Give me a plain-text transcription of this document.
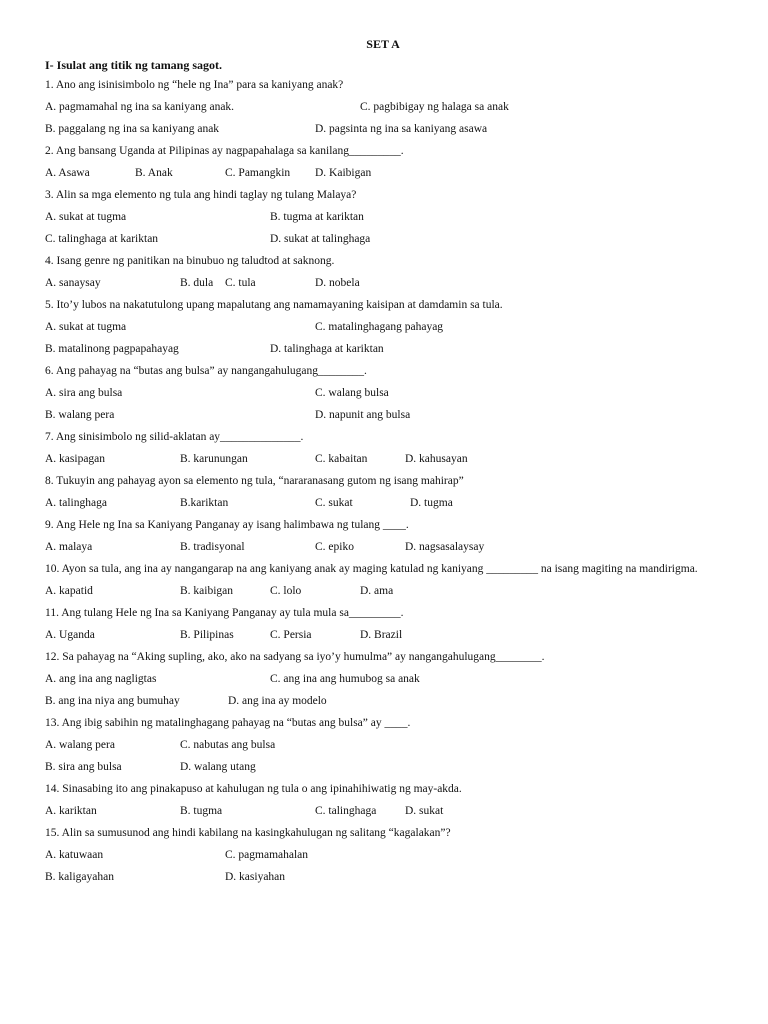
SET A
I- Isulat ang titik ng tamang sagot.
1. Ano ang isinisimbolo ng “hele ng Ina” para sa kaniyang anak?
A. pagmamahal ng ina sa kaniyang anak.	C. pagbibigay ng halaga sa anak
B. paggalang ng ina sa kaniyang anak	D. pagsinta ng ina sa kaniyang asawa
2. Ang bansang Uganda at Pilipinas ay nagpapahalaga sa kanilang_________.
A. Asawa	B. Anak	C. Pamangkin D. Kaibigan
3. Alin sa mga elemento ng tula ang hindi taglay ng tulang Malaya?
A. sukat at tugma	B. tugma at kariktan
C. talinghaga at kariktan	D. sukat at talinghaga
4. Isang genre ng panitikan na binubuo ng taludtod at saknong.
A. sanaysay	B. dula C. tula	D. nobela
5. Ito’y lubos na nakatutulong upang mapalutang ang namamayaning kaisipan at damdamin sa tula.
A. sukat at tugma	C. matalinghagang pahayag
B. matalinong pagpapahayag	D. talinghaga at kariktan
6. Ang pahayag na “butas ang bulsa” ay nangangahulugang________.
A. sira ang bulsa	C. walang bulsa
B. walang pera	D. napunit ang bulsa
7. Ang sinisimbolo ng silid-aklatan ay______________.
A. kasipagan	B. karunungan	C. kabaitan	D. kahusayan
8. Tukuyin ang pahayag ayon sa elemento ng tula, “nararanasang gutom ng isang mahirap”
A. talinghaga	B.kariktan	C. sukat	D. tugma
9. Ang Hele ng Ina sa Kaniyang Panganay ay isang halimbawa ng tulang ____.
A. malaya	B. tradisyonal	C. epiko	D. nagsasalaysay
10. Ayon sa tula, ang ina ay nangangarap na ang kaniyang anak ay maging katulad ng kaniyang _________ na isang magiting na mandirigma.
A. kapatid	B. kaibigan	C. lolo	D. ama
11. Ang tulang Hele ng Ina sa Kaniyang Panganay ay tula mula sa_________.
A. Uganda	B. Pilipinas	C. Persia	D. Brazil
12. Sa pahayag na “Aking supling, ako, ako na sadyang sa iyo’y humulma” ay nangangahulugang________.
A. ang ina ang nagligtas	C. ang ina ang humubog sa anak
B. ang ina niya ang bumuhay	D. ang ina ay modelo
13. Ang ibig sabihin ng matalinghagang pahayag na “butas ang bulsa” ay ____.
A. walang pera	C. nabutas ang bulsa
B. sira ang bulsa	D. walang utang
14. Sinasabing ito ang pinakapuso at kahulugan ng tula o ang ipinahihiwatig ng may-akda.
A. kariktan	B. tugma	C. talinghaga D. sukat
15. Alin sa sumusunod ang hindi kabilang na kasingkahulugan ng salitang “kagalakan”?
A. katuwaan	C. pagmamahalan
B. kaligayahan	D. kasiyahan
